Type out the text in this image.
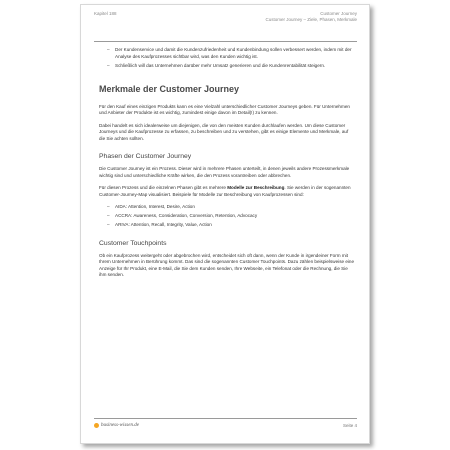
Kapitel 188	Customer Journey
Customer Journey – Ziele, Phasen, Merkmale
– Der Kundenservice und damit die Kundenzufriedenheit und Kundenbindung sollen verbessert werden, indem mit der Analyse des Kaufprozesses sichtbar wird, was den Kunden wichtig ist.
– Schließlich will das Unternehmen darüber mehr Umsatz generieren und die Kundenrentabilität steigern.
Merkmale der Customer Journey

Für den Kauf eines einzigen Produkts kann es eine Vielzahl unterschiedlicher Customer Journeys geben. Für Unternehmen und Anbieter der Produkte ist es wichtig, zumindest einige davon im Detail(!) zu kennen.

Dabei handelt es sich idealerweise um diejenigen, die von den meisten Kunden durchlaufen werden. Um diese Customer Journeys und die Kaufprozesse zu erfassen, zu beschreiben und zu verstehen, gibt es einige Elemente und Merkmale, auf die Sie achten sollten.

Phasen der Customer Journey

Die Customer Journey ist ein Prozess. Dieser wird in mehrere Phasen unterteilt, in denen jeweils andere Prozessmerkmale wichtig sind und unterschiedliche Kräfte wirken, die den Prozess vorantreiben oder abbrechen.

Für diesen Prozess und die einzelnen Phasen gibt es mehrere Modelle zur Beschreibung. Sie werden in der sogenannten Customer-Journey-Map visualisiert. Beispiele für Modelle zur Beschreibung von Kaufprozessen sind:

– AIDA: Attention, Interest, Desire, Action
– ACCRA: Awareness, Consideration, Conversion, Retention, Advocacy
– ARIVA: Attention, Recall, Integrity, Value, Action
Customer Touchpoints

Ob ein Kaufprozess weitergeht oder abgebrochen wird, entscheidet sich oft dann, wenn der Kunde in irgendeiner Form mit Ihrem Unternehmen in Berührung kommt. Das sind die sogenannten Customer Touchpoints. Dazu zählen beispielsweise eine Anzeige für Ihr Produkt, eine E-Mail, die Sie dem Kunden senden, Ihre Webseite, ein Telefonat oder die Rechnung, die Sie ihm senden.

business-wissen.de	Seite 4
